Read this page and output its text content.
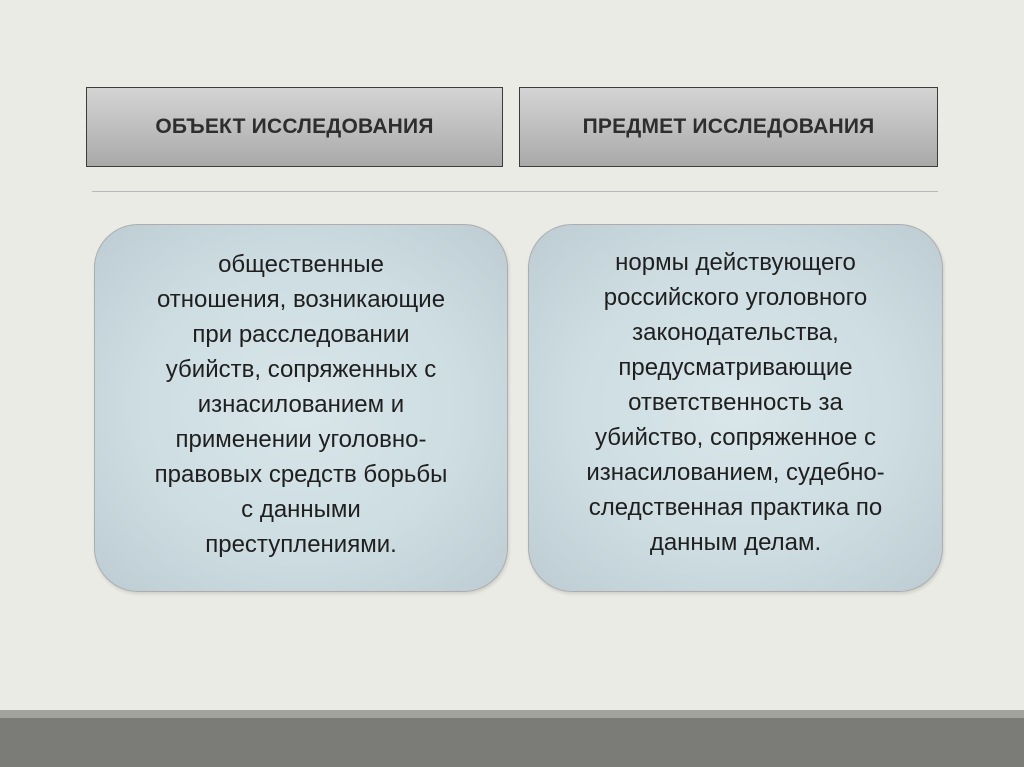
ОБЪЕКТ ИССЛЕДОВАНИЯ	ПРЕДМЕТ ИССЛЕДОВАНИЯ

общественные
отношения, возникающие
при расследовании
убийств, сопряженных с
изнасилованием и
применении уголовно-
правовых средств борьбы
с данными
преступлениями.

нормы действующего
российского уголовного
законодательства,
предусматривающие
ответственность за
убийство, сопряженное с
изнасилованием, судебно-
следственная практика по
данным делам.
